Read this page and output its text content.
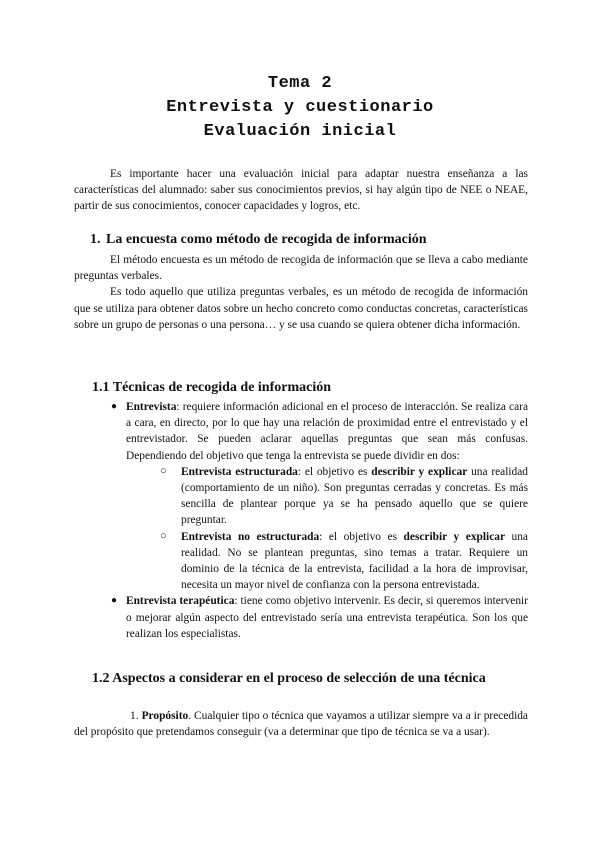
Tema 2
Entrevista y cuestionario
Evaluación inicial

Es importante hacer una evaluación inicial para adaptar nuestra enseñanza a las características del alumnado: saber sus conocimientos previos, si hay algún tipo de NEE o NEAE, partir de sus conocimientos, conocer capacidades y logros, etc.

1. La encuesta como método de recogida de información

El método encuesta es un método de recogida de información que se lleva a cabo mediante preguntas verbales.

Es todo aquello que utiliza preguntas verbales, es un método de recogida de información que se utiliza para obtener datos sobre un hecho concreto como conductas concretas, características sobre un grupo de personas o una persona… y se usa cuando se quiera obtener dicha información.

1.1 Técnicas de recogida de información
● Entrevista: requiere información adicional en el proceso de interacción. Se realiza cara a cara, en directo, por lo que hay una relación de proximidad entre el entrevistado y el entrevistador. Se pueden aclarar aquellas preguntas que sean más confusas. Dependiendo del objetivo que tenga la entrevista se puede dividir en dos:

○ Entrevista estructurada: el objetivo es describir y explicar una realidad (comportamiento de un niño). Son preguntas cerradas y concretas. Es más sencilla de plantear porque ya se ha pensado aquello que se quiere preguntar.

○ Entrevista no estructurada: el objetivo es describir y explicar una realidad. No se plantean preguntas, sino temas a tratar. Requiere un dominio de la técnica de la entrevista, facilidad a la hora de improvisar, necesita un mayor nivel de confianza con la persona entrevistada.

● Entrevista terapéutica: tiene como objetivo intervenir. Es decir, si queremos intervenir o mejorar algún aspecto del entrevistado sería una entrevista terapéutica. Son los que realizan los especialistas.

1.2 Aspectos a considerar en el proceso de selección de una técnica

1. Propósito. Cualquier tipo o técnica que vayamos a utilizar siempre va a ir precedida del propósito que pretendamos conseguir (va a determinar que tipo de técnica se va a usar).
